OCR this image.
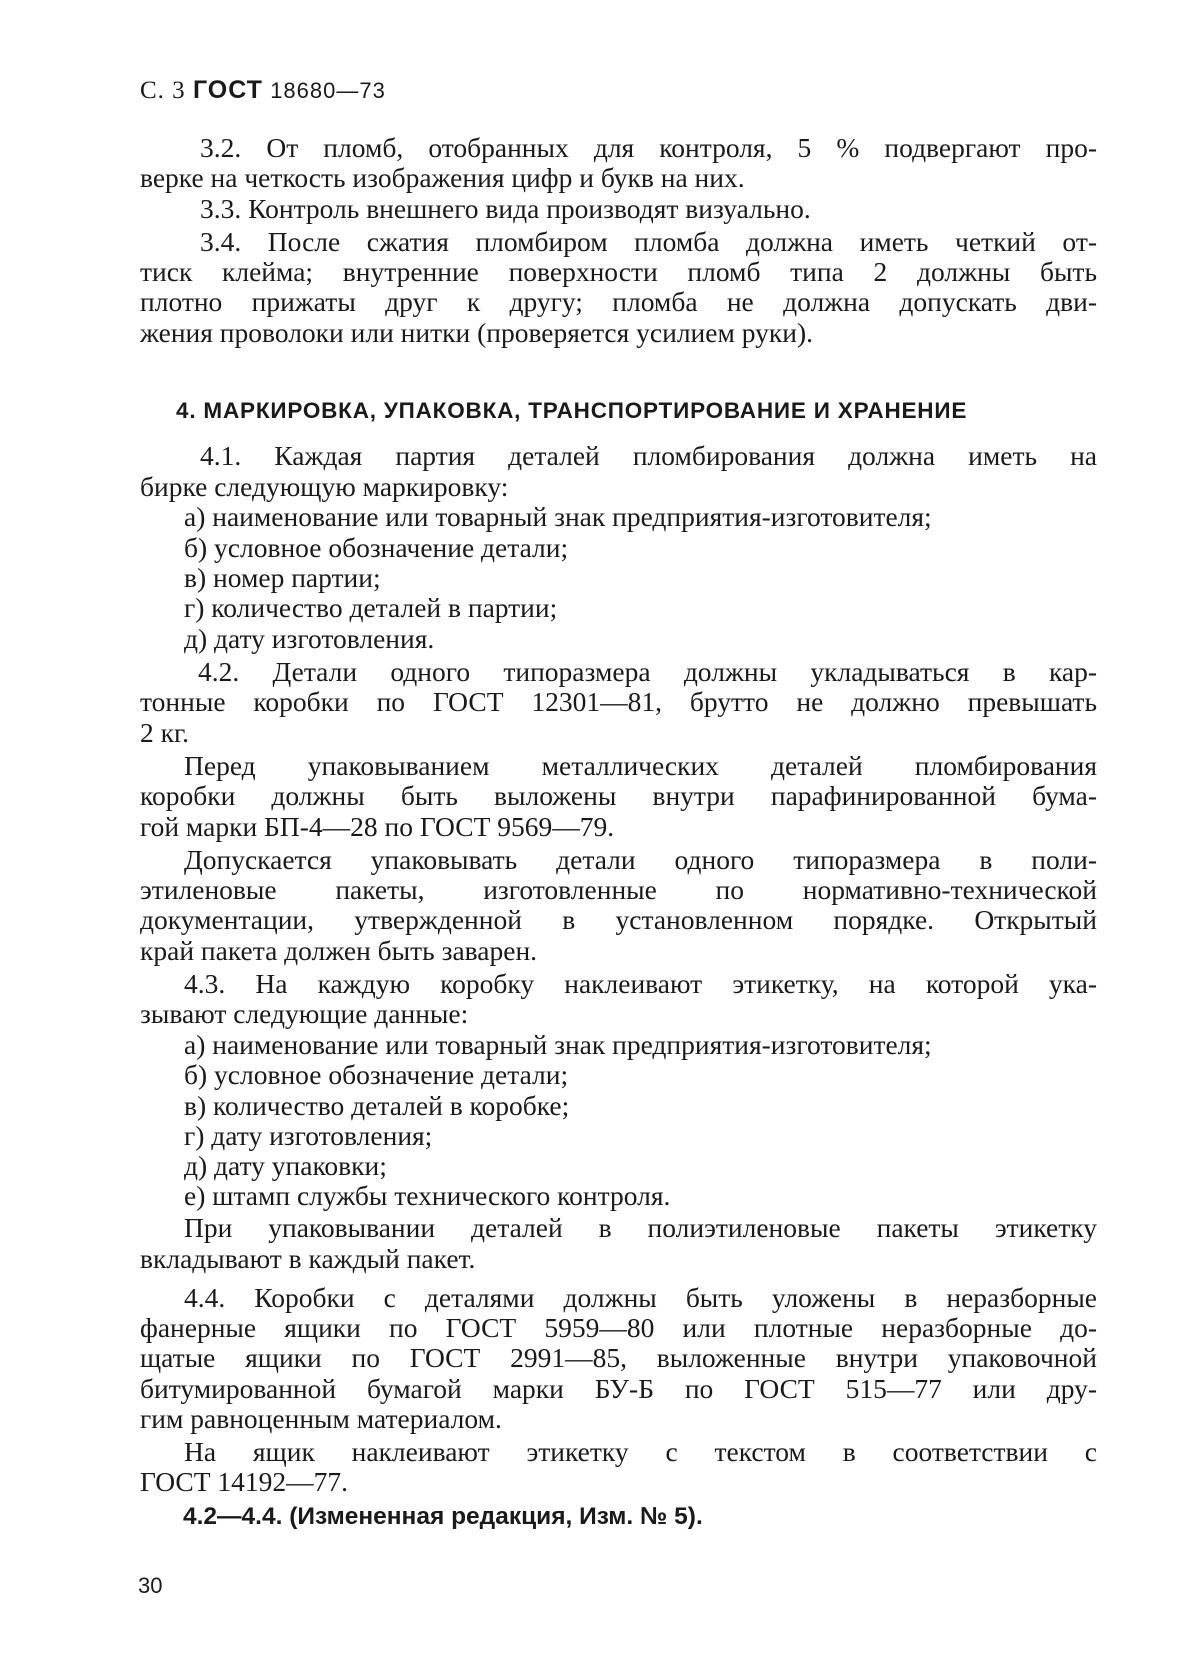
С. 3 ГОСТ 18680—73
3.2. От пломб, отобранных для контроля, 5 % подвергают про-
верке на четкость изображения цифр и букв на них.
3.3. Контроль внешнего вида производят визуально.
3.4. После сжатия пломбиром пломба должна иметь четкий от-
тиск клейма; внутренние поверхности пломб типа 2 должны быть
плотно прижаты друг к другу; пломба не должна допускать дви-
жения проволоки или нитки (проверяется усилием руки).
4. МАРКИРОВКА, УПАКОВКА, ТРАНСПОРТИРОВАНИЕ И ХРАНЕНИЕ
4.1. Каждая партия деталей пломбирования должна иметь на
бирке следующую маркировку:
а) наименование или товарный знак предприятия-изготовителя;
б) условное обозначение детали;
в) номер партии;
г) количество деталей в партии;
д) дату изготовления.
4.2. Детали одного типоразмера должны укладываться в кар-
тонные коробки по ГОСТ 12301—81, брутто не должно превышать
2 кг.
Перед упаковыванием металлических деталей пломбирования
коробки должны быть выложены внутри парафинированной бума-
гой марки БП-4—28 по ГОСТ 9569—79.
Допускается упаковывать детали одного типоразмера в поли-
этиленовые пакеты, изготовленные по нормативно-технической
документации, утвержденной в установленном порядке. Открытый
край пакета должен быть заварен.
4.3. На каждую коробку наклеивают этикетку, на которой ука-
зывают следующие данные:
а) наименование или товарный знак предприятия-изготовителя;
б) условное обозначение детали;
в) количество деталей в коробке;
г) дату изготовления;
д) дату упаковки;
е) штамп службы технического контроля.
При упаковывании деталей в полиэтиленовые пакеты этикетку
вкладывают в каждый пакет.
4.4. Коробки с деталями должны быть уложены в неразборные
фанерные ящики по ГОСТ 5959—80 или плотные неразборные до-
щатые ящики по ГОСТ 2991—85, выложенные внутри упаковочной
битумированной бумагой марки БУ-Б по ГОСТ 515—77 или дру-
гим равноценным материалом.
На ящик наклеивают этикетку с текстом в соответствии с
ГОСТ 14192—77.
4.2—4.4. (Измененная редакция, Изм. № 5).
30
